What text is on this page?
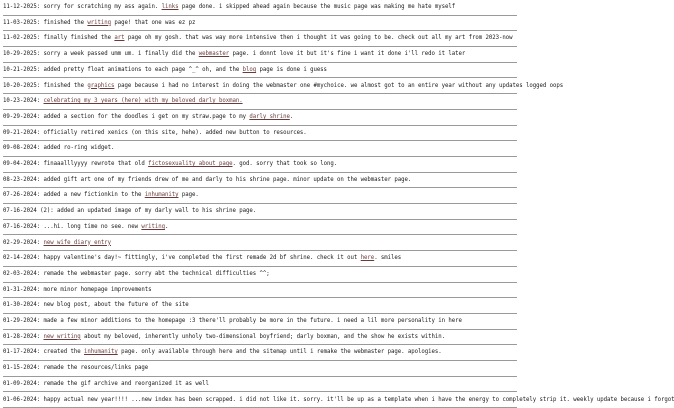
11-12-2025: sorry for scratching my ass again. links page done. i skipped ahead again because the music page was making me hate myself
11-03-2025: finished the writing page! that one was ez pz
11-02-2025: finally finished the art page oh my gosh. that was way more intensive then i thought it was going to be. check out all my art from 2023-now
10-29-2025: sorry a week passed umm um. i finally did the webmaster page. i donnt love it but it's fine i want it done i'll redo it later
10-21-2025: added pretty float animations to each page ^_^ oh, and the blog page is done i guess
10-20-2025: finished the graphics page because i had no interest in doing the webmaster one #mychoice. we almost got to an entire year without any updates logged oops
10-23-2024: celebrating my 3 years (here) with my beloved darly boxman.
09-29-2024: added a section for the doodles i get on my straw.page to my darly shrine.
09-21-2024: officially retired xenics (on this site, hehe). added new button to resources.
09-08-2024: added ro-ring widget.
09-04-2024: finaaalllyyyy rewrote that old fictosexuality about page. god. sorry that took so long.
08-23-2024: added gift art one of my friends drew of me and darly to his shrine page. minor update on the webmaster page.
07-26-2024: added a new fictionkin to the inhumanity page.
07-16-2024 (2): added an updated image of my darly wall to his shrine page.
07-16-2024: ...hi. long time no see. new writing.
02-29-2024: new wife diary entry
02-14-2024: happy valentine's day!~ fittingly, i've completed the first remade 2d bf shrine. check it out here. smiles
02-03-2024: remade the webmaster page. sorry abt the technical difficulties ^^;
01-31-2024: more minor homepage improvements
01-30-2024: new blog post, about the future of the site
01-29-2024: made a few minor additions to the homepage :3 there'll probably be more in the future. i need a lil more personality in here
01-28-2024: new writing about my beloved, inherently unholy two-dimensional boyfriend; darly boxman, and the show he exists within.
01-17-2024: created the inhumanity page. only available through here and the sitemap until i remake the webmaster page. apologies.
01-15-2024: remade the resources/links page
01-09-2024: remade the gif archive and reorganized it as well
01-06-2024: happy actual new year!!!! ...new index has been scrapped. i did not like it. sorry. it'll be up as a template when i have the energy to completely strip it. weekly update because i forgot
